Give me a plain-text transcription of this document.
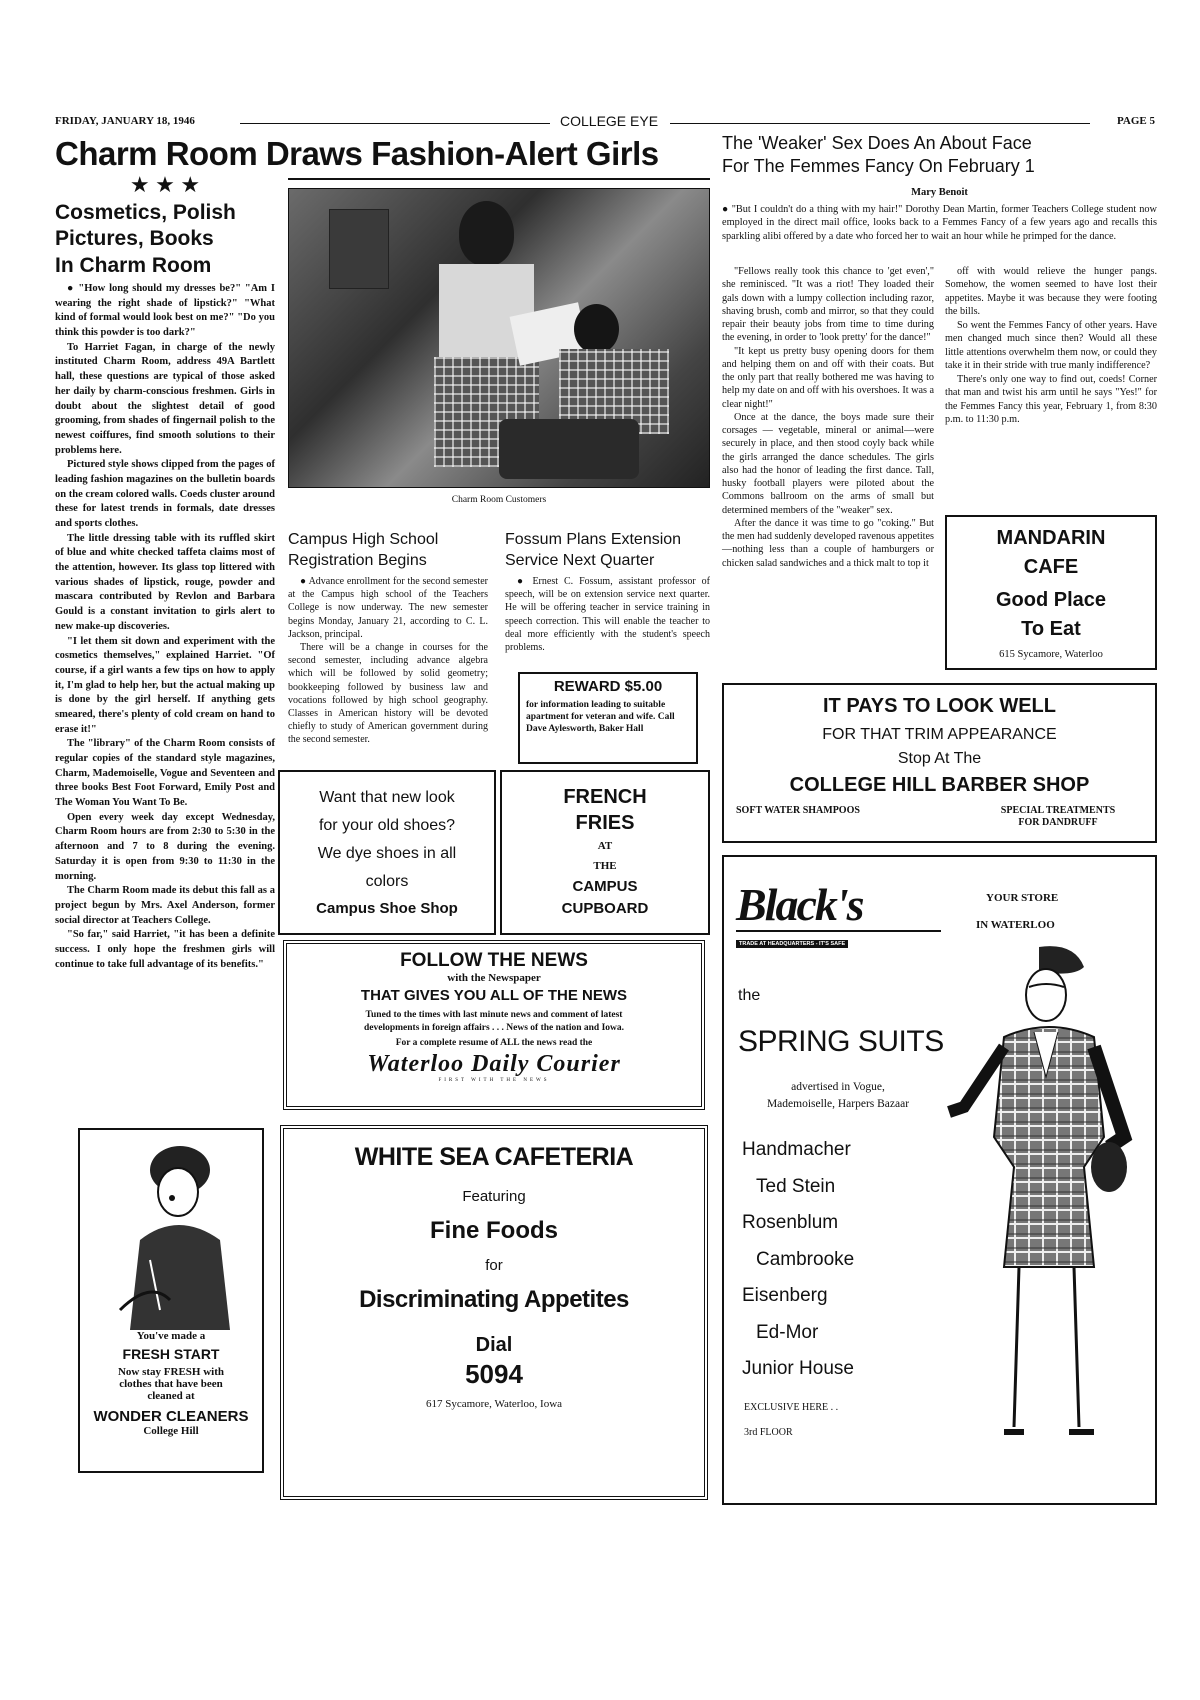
FRIDAY, JANUARY 18, 1946	COLLEGE EYE	PAGE 5
Charm Room Draws Fashion-Alert Girls
★ ★ ★
Cosmetics, Polish
Pictures, Books
In Charm Room

● "How long should my dresses be?" "Am I wearing the right shade of lipstick?" "What kind of formal would look best on me?" "Do you think this powder is too dark?"

To Harriet Fagan, in charge of the newly instituted Charm Room, address 49A Bartlett hall, these questions are typical of those asked her daily by charm-conscious freshmen. Girls in doubt about the slightest detail of good grooming, from shades of fingernail polish to the newest coiffures, find smooth solutions to their problems here.

Pictured style shows clipped from the pages of leading fashion magazines on the bulletin boards on the cream colored walls. Coeds cluster around these for latest trends in formals, date dresses and sports clothes.

The little dressing table with its ruffled skirt of blue and white checked taffeta claims most of the attention, however. Its glass top littered with various shades of lipstick, rouge, powder and mascara contributed by Revlon and Barbara Gould is a constant invitation to girls alert to new make-up discoveries.

"I let them sit down and experiment with the cosmetics themselves," explained Harriet. "Of course, if a girl wants a few tips on how to apply it, I'm glad to help her, but the actual making up is done by the girl herself. If anything gets smeared, there's plenty of cold cream on hand to erase it!"

The "library" of the Charm Room consists of regular copies of the standard style magazines, Charm, Mademoiselle, Vogue and Seventeen and three books Best Foot Forward, Emily Post and The Woman You Want To Be.

Open every week day except Wednesday, Charm Room hours are from 2:30 to 5:30 in the afternoon and 7 to 8 during the evening. Saturday it is open from 9:30 to 11:30 in the morning.

The Charm Room made its debut this fall as a project begun by Mrs. Axel Anderson, former social director at Teachers College.

"So far," said Harriet, "it has been a definite success. I only hope the freshmen girls will continue to take full advantage of its benefits."

Charm Room Customers
Campus High School
Registration Begins

● Advance enrollment for the second semester at the Campus high school of the Teachers College is now underway. The new semester begins Monday, January 21, according to C. L. Jackson, principal.

There will be a change in courses for the second semester, including advance algebra which will be followed by solid geometry; bookkeeping followed by business law and vocations followed by high school geography. Classes in American history will be devoted chiefly to study of American government during the second semester.

Fossum Plans Extension
Service Next Quarter

● Ernest C. Fossum, assistant professor of speech, will be on extension service next quarter. He will be offering teacher in service training in speech correction. This will enable the teacher to deal more efficiently with the student's speech problems.

REWARD $5.00
for information leading to suitable apartment for veteran and wife. Call
Dave Aylesworth, Baker Hall
Want that new look
for your old shoes?
We dye shoes in all
colors
Campus Shoe Shop
FRENCH
FRIES
AT
THE
CAMPUS
CUPBOARD
FOLLOW THE NEWS
with the Newspaper
THAT GIVES YOU ALL OF THE NEWS
Tuned to the times with last minute news and comment of latest developments in foreign affairs . . . News of the nation and Iowa.
For a complete resume of ALL the news read the
Waterloo Daily Courier
FIRST WITH THE NEWS
WHITE SEA CAFETERIA
Featuring
Fine Foods
for
Discriminating Appetites
Dial
5094
617 Sycamore, Waterloo, Iowa
You've made a
FRESH START
Now stay FRESH with
clothes that have been
cleaned at
WONDER CLEANERS
College Hill
The 'Weaker' Sex Does An About Face
For The Femmes Fancy On February 1
Mary Benoit
● "But I couldn't do a thing with my hair!" Dorothy Dean Martin, former Teachers College student now employed in the direct mail office, looks back to a Femmes Fancy of a few years ago and recalls this sparkling alibi offered by a date who forced her to wait an hour while he primped for the dance.

"Fellows really took this chance to 'get even'," she reminisced. "It was a riot! They loaded their gals down with a lumpy collection including razor, shaving brush, comb and mirror, so that they could repair their beauty jobs from time to time during the evening, in order to 'look pretty' for the dance!"

"It kept us pretty busy opening doors for them and helping them on and off with their coats. But the only part that really bothered me was having to help my date on and off with his overshoes. It was a clear night!"

Once at the dance, the boys made sure their corsages — vegetable, mineral or animal—were securely in place, and then stood coyly back while the girls arranged the dance schedules. The girls also had the honor of leading the first dance. Tall, husky football players were piloted about the Commons ballroom on the arms of small but determined members of the "weaker" sex.

After the dance it was time to go "coking." But the men had suddenly developed ravenous appetites —nothing less than a couple of hamburgers or chicken salad sandwiches and a thick malt to top it

off with would relieve the hunger pangs. Somehow, the women seemed to have lost their appetites. Maybe it was because they were footing the bills.

So went the Femmes Fancy of other years. Have men changed much since then? Would all these little attentions overwhelm them now, or could they take it in their stride with true manly indifference?

There's only one way to find out, coeds! Corner that man and twist his arm until he says "Yes!" for the Femmes Fancy this year, February 1, from 8:30 p.m. to 11:30 p.m.

MANDARIN
CAFE
Good Place
To Eat
615 Sycamore, Waterloo
IT PAYS TO LOOK WELL
FOR THAT TRIM APPEARANCE
Stop At The
COLLEGE HILL BARBER SHOP
SOFT WATER SHAMPOOS	SPECIAL TREATMENTS
FOR DANDRUFF
Black's
TRADE AT HEADQUARTERS - IT'S SAFE
YOUR STORE
IN WATERLOO
the
SPRING SUITS
advertised in Vogue,
Mademoiselle, Harpers Bazaar
Handmacher
Ted Stein
Rosenblum
Cambrooke
Eisenberg
Ed-Mor
Junior House
EXCLUSIVE HERE . .
3rd FLOOR
